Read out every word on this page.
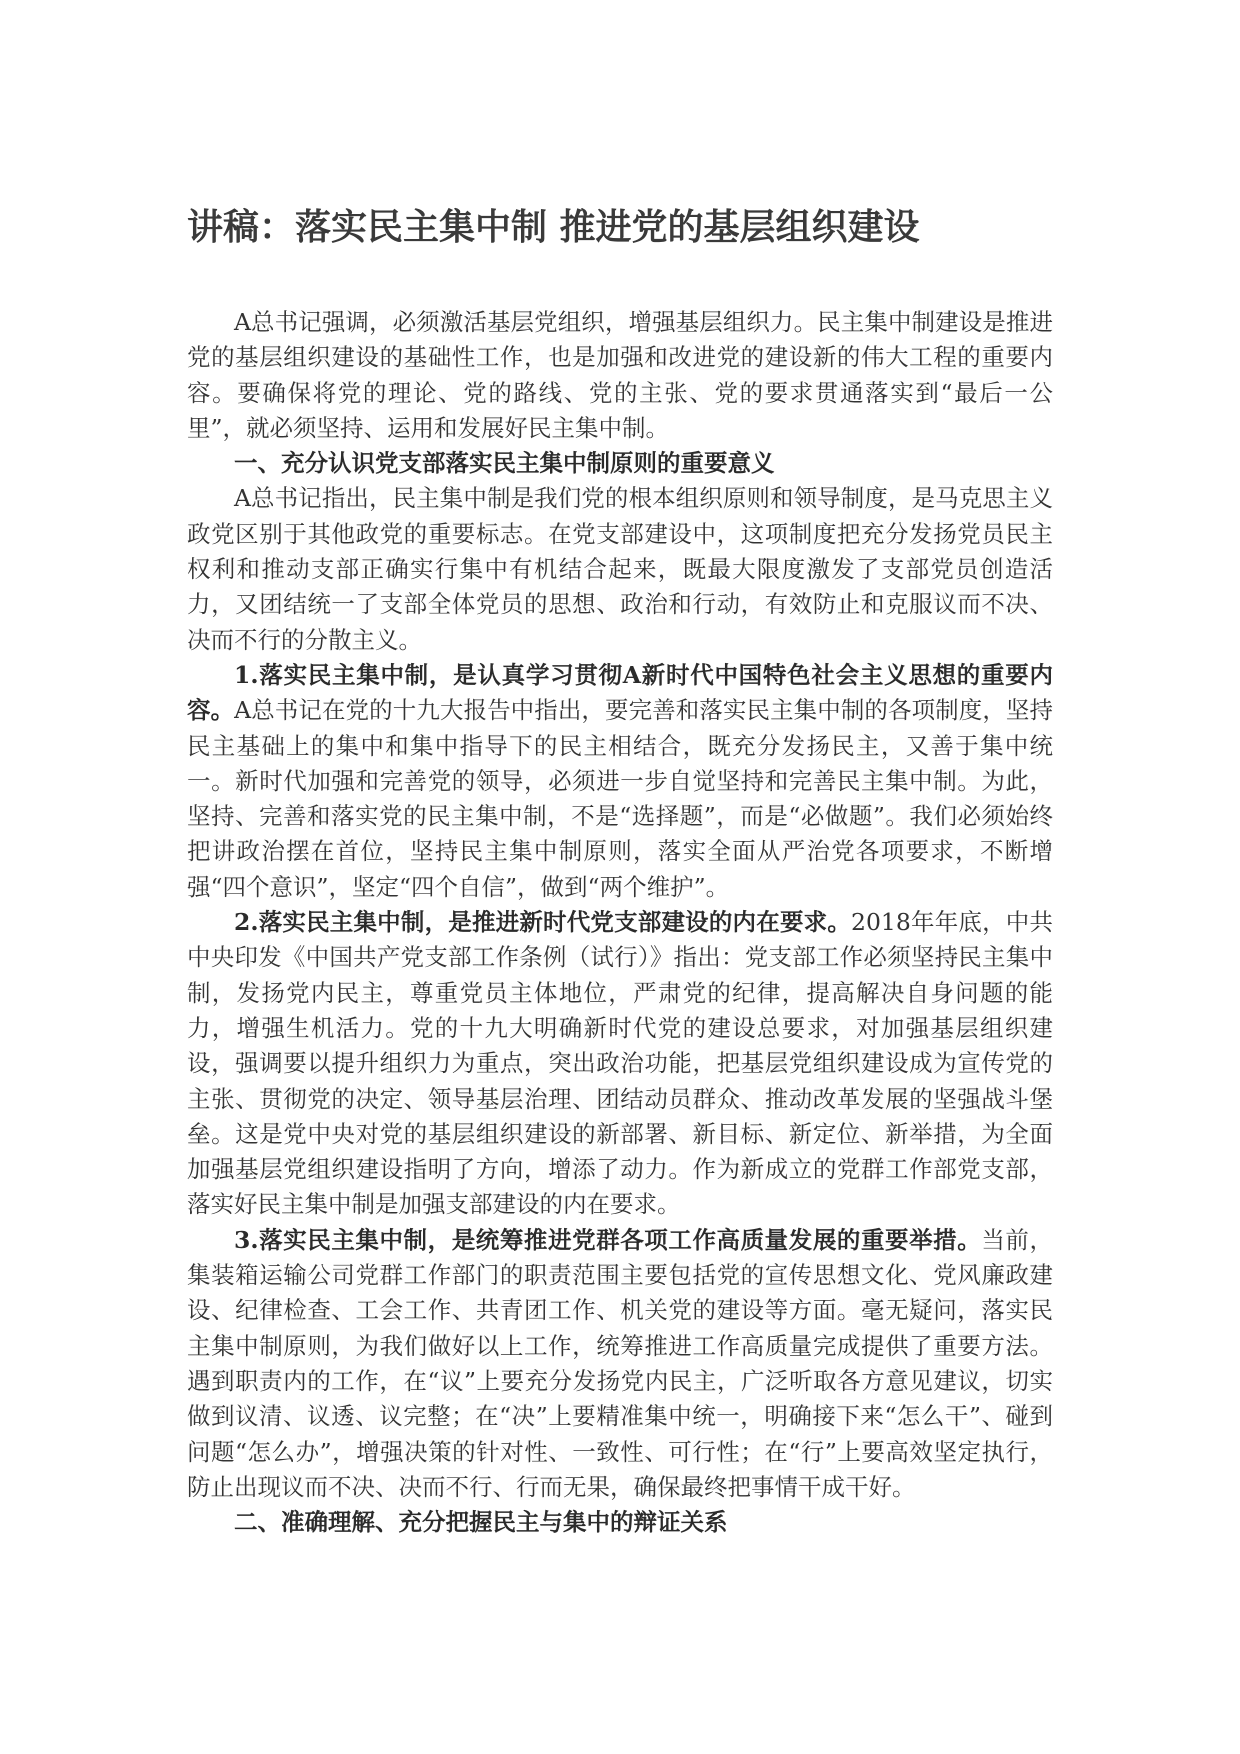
讲稿：落实民主集中制 推进党的基层组织建设

A总书记强调，必须激活基层党组织，增强基层组织力。民主集中制建设是推进党的基层组织建设的基础性工作，也是加强和改进党的建设新的伟大工程的重要内容。要确保将党的理论、党的路线、党的主张、党的要求贯通落实到“最后一公里”，就必须坚持、运用和发展好民主集中制。

一、充分认识党支部落实民主集中制原则的重要意义

A总书记指出，民主集中制是我们党的根本组织原则和领导制度，是马克思主义政党区别于其他政党的重要标志。在党支部建设中，这项制度把充分发扬党员民主权利和推动支部正确实行集中有机结合起来，既最大限度激发了支部党员创造活力，又团结统一了支部全体党员的思想、政治和行动，有效防止和克服议而不决、决而不行的分散主义。

1.落实民主集中制，是认真学习贯彻A新时代中国特色社会主义思想的重要内容。A总书记在党的十九大报告中指出，要完善和落实民主集中制的各项制度，坚持民主基础上的集中和集中指导下的民主相结合，既充分发扬民主，又善于集中统一。新时代加强和完善党的领导，必须进一步自觉坚持和完善民主集中制。为此，坚持、完善和落实党的民主集中制，不是“选择题”，而是“必做题”。我们必须始终把讲政治摆在首位，坚持民主集中制原则，落实全面从严治党各项要求，不断增强“四个意识”，坚定“四个自信”，做到“两个维护”。

2.落实民主集中制，是推进新时代党支部建设的内在要求。2018年年底，中共中央印发《中国共产党支部工作条例（试行）》指出：党支部工作必须坚持民主集中制，发扬党内民主，尊重党员主体地位，严肃党的纪律，提高解决自身问题的能力，增强生机活力。党的十九大明确新时代党的建设总要求，对加强基层组织建设，强调要以提升组织力为重点，突出政治功能，把基层党组织建设成为宣传党的主张、贯彻党的决定、领导基层治理、团结动员群众、推动改革发展的坚强战斗堡垒。这是党中央对党的基层组织建设的新部署、新目标、新定位、新举措，为全面加强基层党组织建设指明了方向，增添了动力。作为新成立的党群工作部党支部，落实好民主集中制是加强支部建设的内在要求。

3.落实民主集中制，是统筹推进党群各项工作高质量发展的重要举措。当前，集装箱运输公司党群工作部门的职责范围主要包括党的宣传思想文化、党风廉政建设、纪律检查、工会工作、共青团工作、机关党的建设等方面。毫无疑问，落实民主集中制原则，为我们做好以上工作，统筹推进工作高质量完成提供了重要方法。遇到职责内的工作，在“议”上要充分发扬党内民主，广泛听取各方意见建议，切实做到议清、议透、议完整；在“决”上要精准集中统一，明确接下来“怎么干”、碰到问题“怎么办”，增强决策的针对性、一致性、可行性；在“行”上要高效坚定执行，防止出现议而不决、决而不行、行而无果，确保最终把事情干成干好。

二、准确理解、充分把握民主与集中的辩证关系
